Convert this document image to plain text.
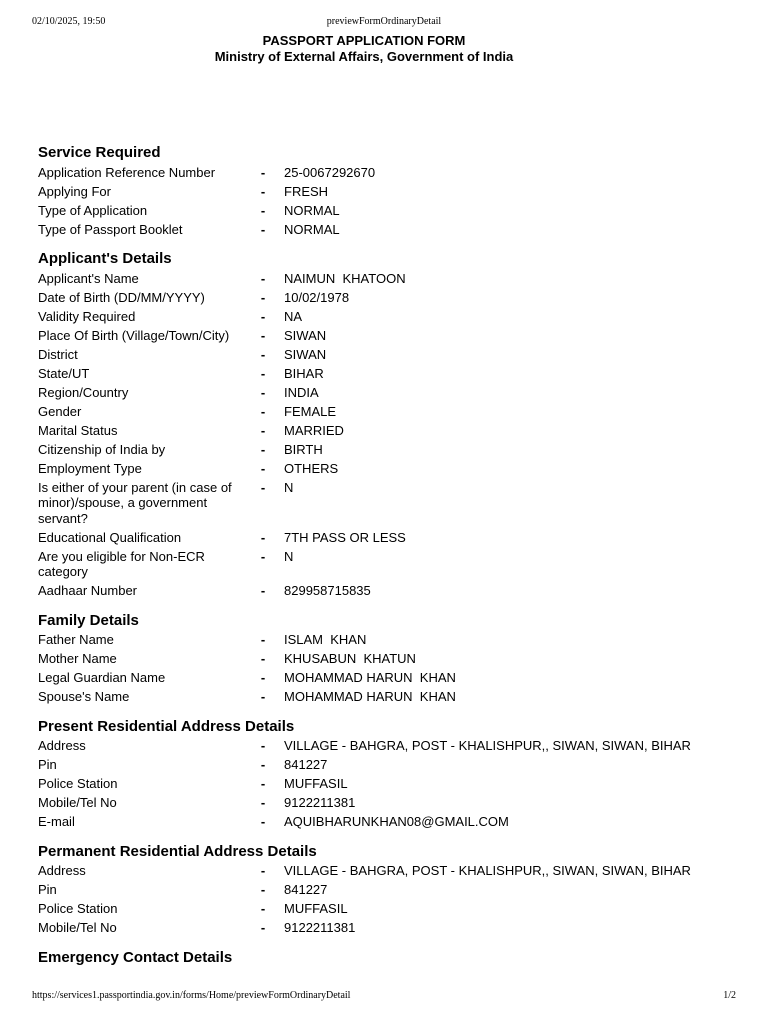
02/10/2025, 19:50	previewFormOrdinaryDetail
PASSPORT APPLICATION FORM
Ministry of External Affairs, Government of India
Service Required
Application Reference Number	-	25-0067292670
Applying For	-	FRESH
Type of Application	-	NORMAL
Type of Passport Booklet	-	NORMAL
Applicant's Details
Applicant's Name	-	NAIMUN  KHATOON
Date of Birth (DD/MM/YYYY)	-	10/02/1978
Validity Required	-	NA
Place Of Birth (Village/Town/City)	-	SIWAN
District	-	SIWAN
State/UT	-	BIHAR
Region/Country	-	INDIA
Gender	-	FEMALE
Marital Status	-	MARRIED
Citizenship of India by	-	BIRTH
Employment Type	-	OTHERS
Is either of your parent (in case of minor)/spouse, a government servant?
-	N
Educational Qualification	-	7TH PASS OR LESS
Are you eligible for Non-ECR category
-	N
Aadhaar Number	-	829958715835
Family Details
Father Name	-	ISLAM  KHAN
Mother Name	-	KHUSABUN  KHATUN
Legal Guardian Name	-	MOHAMMAD HARUN  KHAN
Spouse's Name	-	MOHAMMAD HARUN  KHAN
Present Residential Address Details
Address	-	VILLAGE - BAHGRA, POST - KHALISHPUR,, SIWAN, SIWAN, BIHAR
Pin	-	841227
Police Station	-	MUFFASIL
Mobile/Tel No	-	9122211381
E-mail	-	AQUIBHARUNKHAN08@GMAIL.COM
Permanent Residential Address Details
Address	-	VILLAGE - BAHGRA, POST - KHALISHPUR,, SIWAN, SIWAN, BIHAR
Pin	-	841227
Police Station	-	MUFFASIL
Mobile/Tel No	-	9122211381
Emergency Contact Details
https://services1.passportindia.gov.in/forms/Home/previewFormOrdinaryDetail	1/2
